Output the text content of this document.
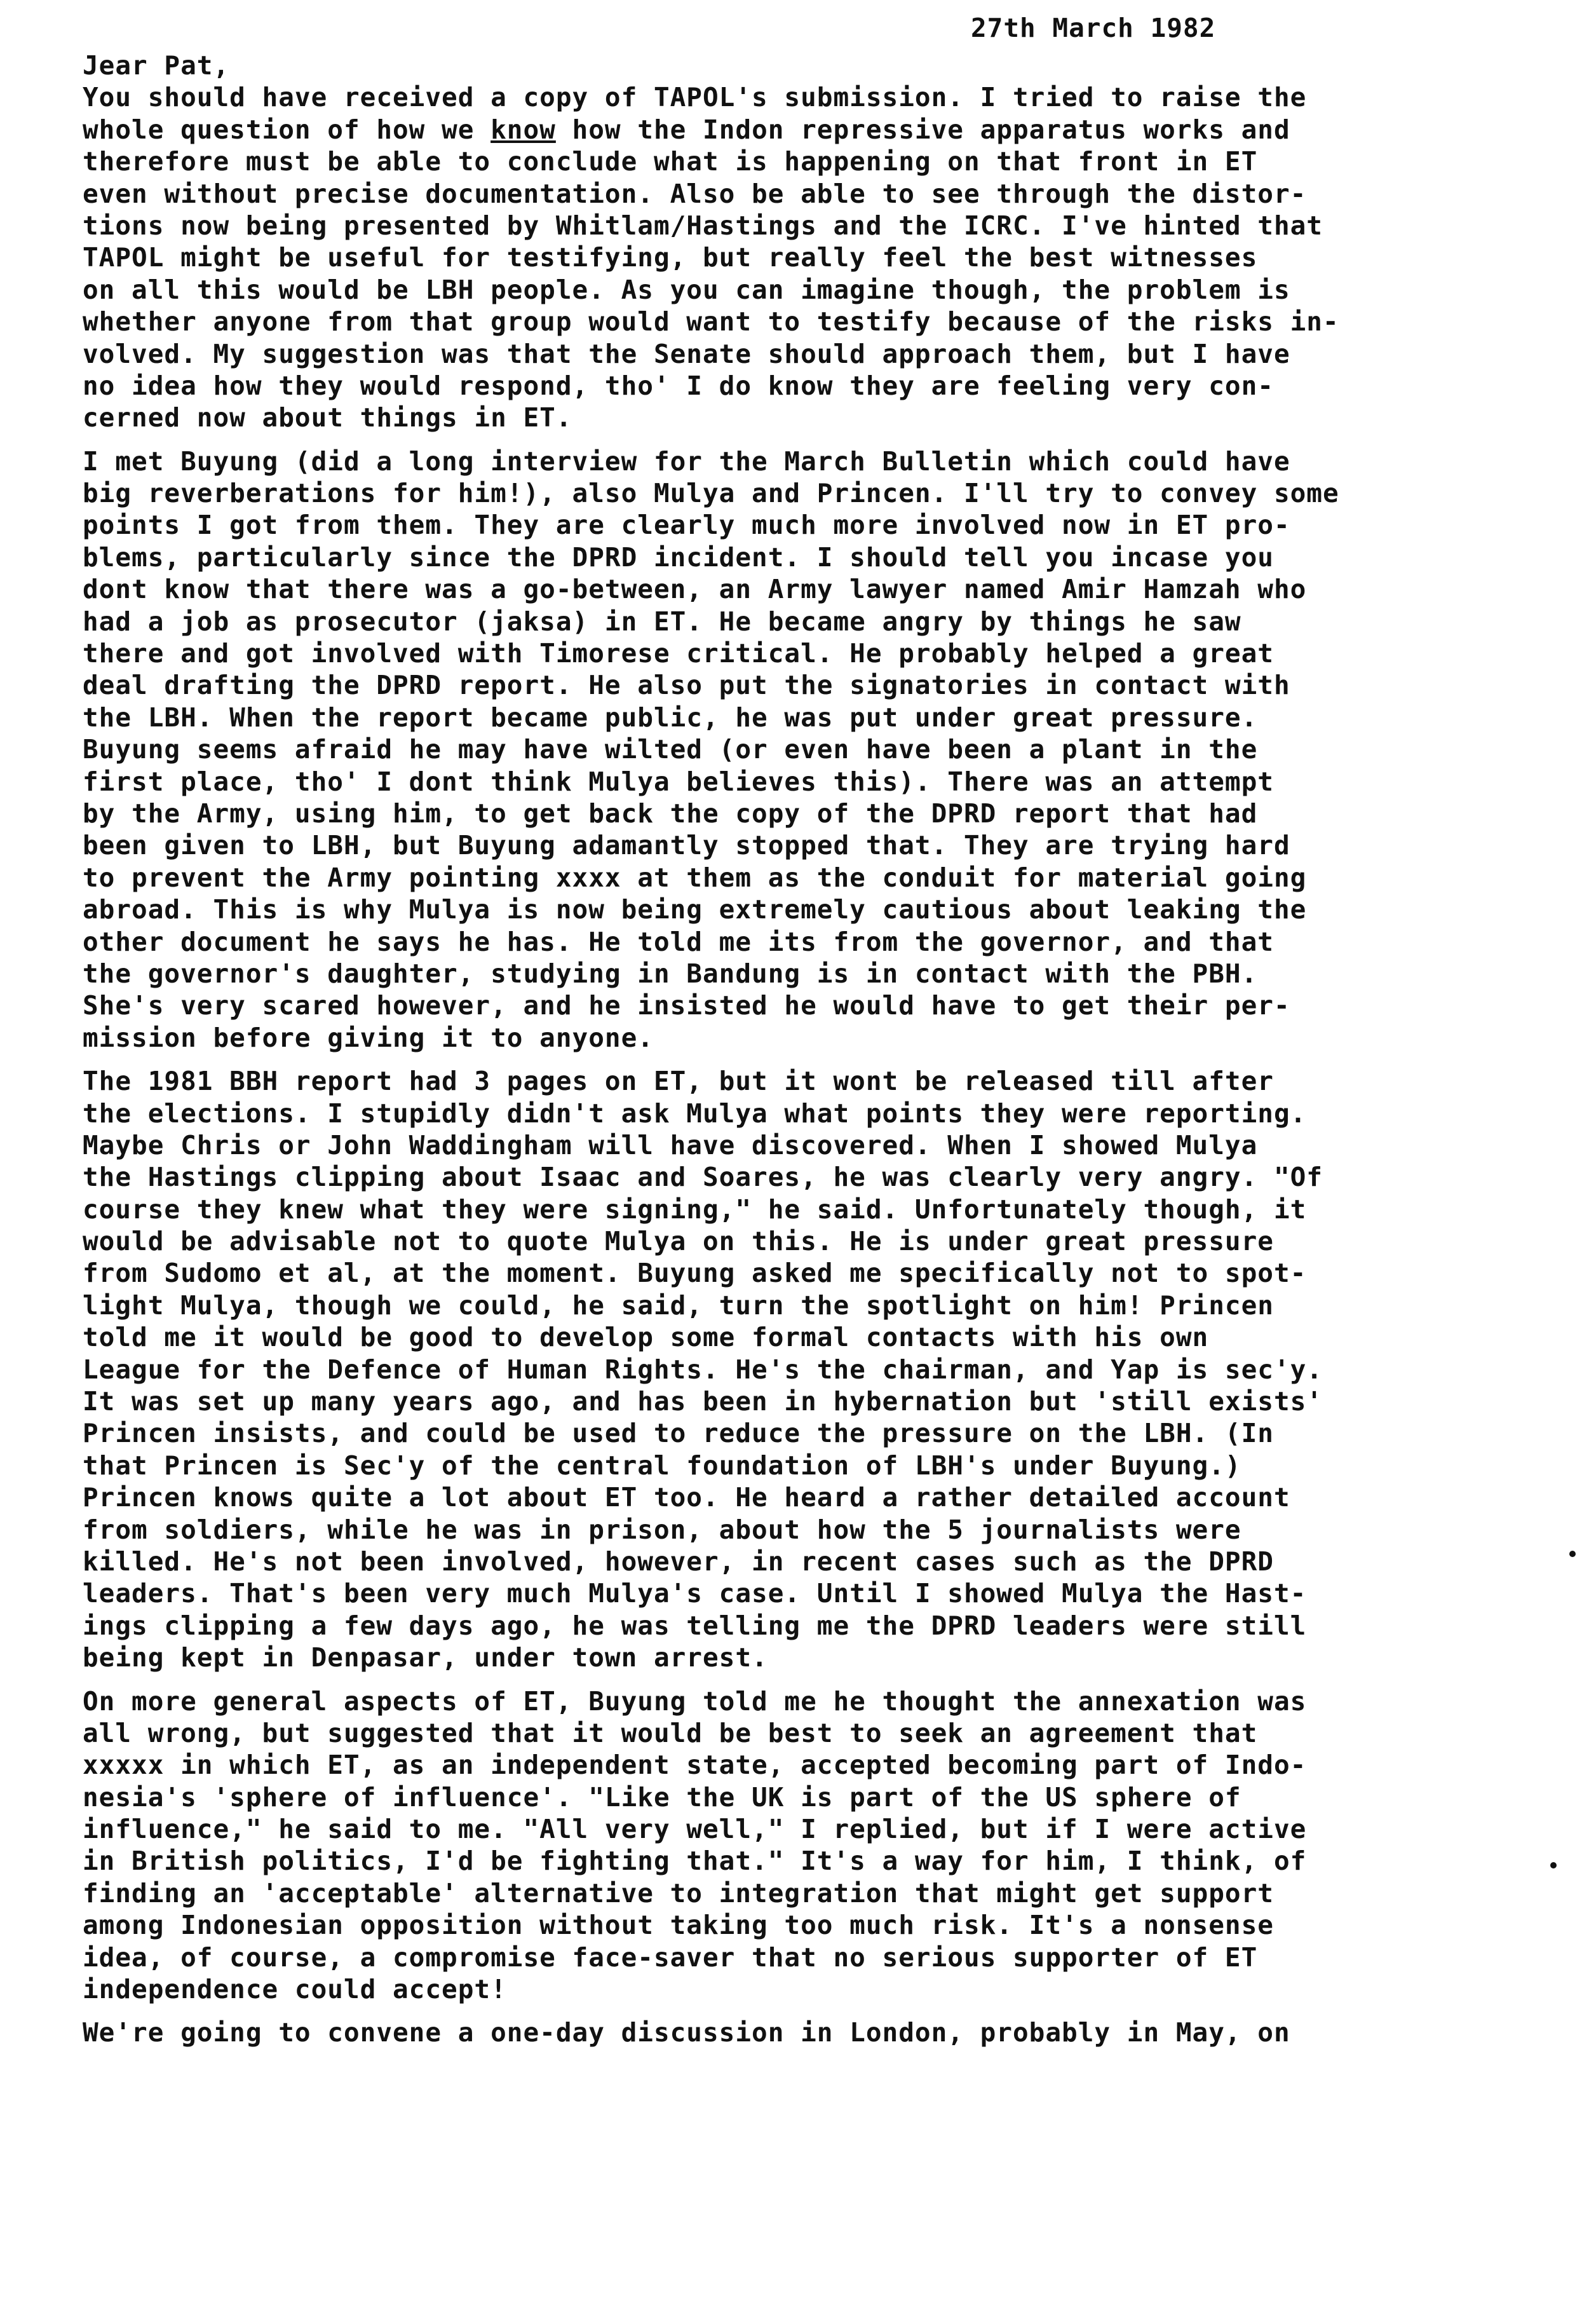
27th March 1982
Jear Pat,
You should have received a copy of TAPOL's submission. I tried to raise the
whole question of how we know how the Indon repressive apparatus works and
therefore must be able to conclude what is happening on that front in ET
even without precise documentation. Also be able to see through the distor-
tions now being presented by Whitlam/Hastings and the ICRC. I've hinted that
TAPOL might be useful for testifying, but really feel the best witnesses
on all this would be LBH people. As you can imagine though, the problem is
whether anyone from that group would want to testify because of the risks in-
volved. My suggestion was that the Senate should approach them, but I have
no idea how they would respond, tho' I do know they are feeling very con-
cerned now about things in ET.
I met Buyung (did a long interview for the March Bulletin which could have
big reverberations for him!), also Mulya and Princen. I'll try to convey some
points I got from them. They are clearly much more involved now in ET pro-
blems, particularly since the DPRD incident. I should tell you incase you
dont know that there was a go-between, an Army lawyer named Amir Hamzah who
had a job as prosecutor (jaksa) in ET. He became angry by things he saw
there and got involved with Timorese critical. He probably helped a great
deal drafting the DPRD report. He also put the signatories in contact with
the LBH. When the report became public, he was put under great pressure.
Buyung seems afraid he may have wilted (or even have been a plant in the
first place, tho' I dont think Mulya believes this). There was an attempt
by the Army, using him, to get back the copy of the DPRD report that had
been given to LBH, but Buyung adamantly stopped that. They are trying hard
to prevent the Army pointing xxxx at them as the conduit for material going
abroad. This is why Mulya is now being extremely cautious about leaking the
other document he says he has. He told me its from the governor, and that
the governor's daughter, studying in Bandung is in contact with the PBH.
She's very scared however, and he insisted he would have to get their per-
mission before giving it to anyone.
The 1981 BBH report had 3 pages on ET, but it wont be released till after
the elections. I stupidly didn't ask Mulya what points they were reporting.
Maybe Chris or John Waddingham will have discovered. When I showed Mulya
the Hastings clipping about Isaac and Soares, he was clearly very angry. "Of
course they knew what they were signing," he said. Unfortunately though, it
would be advisable not to quote Mulya on this. He is under great pressure
from Sudomo et al, at the moment. Buyung asked me specifically not to spot-
light Mulya, though we could, he said, turn the spotlight on him! Princen
told me it would be good to develop some formal contacts with his own
League for the Defence of Human Rights. He's the chairman, and Yap is sec'y.
It was set up many years ago, and has been in hybernation but 'still exists'
Princen insists, and could be used to reduce the pressure on the LBH. (In
that Princen is Sec'y of the central foundation of LBH's under Buyung.)
Princen knows quite a lot about ET too. He heard a rather detailed account
from soldiers, while he was in prison, about how the 5 journalists were
killed. He's not been involved, however, in recent cases such as the DPRD
leaders. That's been very much Mulya's case. Until I showed Mulya the Hast-
ings clipping a few days ago, he was telling me the DPRD leaders were still
being kept in Denpasar, under town arrest.
On more general aspects of ET, Buyung told me he thought the annexation was
all wrong, but suggested that it would be best to seek an agreement that
xxxxx in which ET, as an independent state, accepted becoming part of Indo-
nesia's 'sphere of influence'. "Like the UK is part of the US sphere of
influence," he said to me. "All very well," I replied, but if I were active
in British politics, I'd be fighting that." It's a way for him, I think, of
finding an 'acceptable' alternative to integration that might get support
among Indonesian opposition without taking too much risk. It's a nonsense
idea, of course, a compromise face-saver that no serious supporter of ET
independence could accept!
We're going to convene a one-day discussion in London, probably in May, on
